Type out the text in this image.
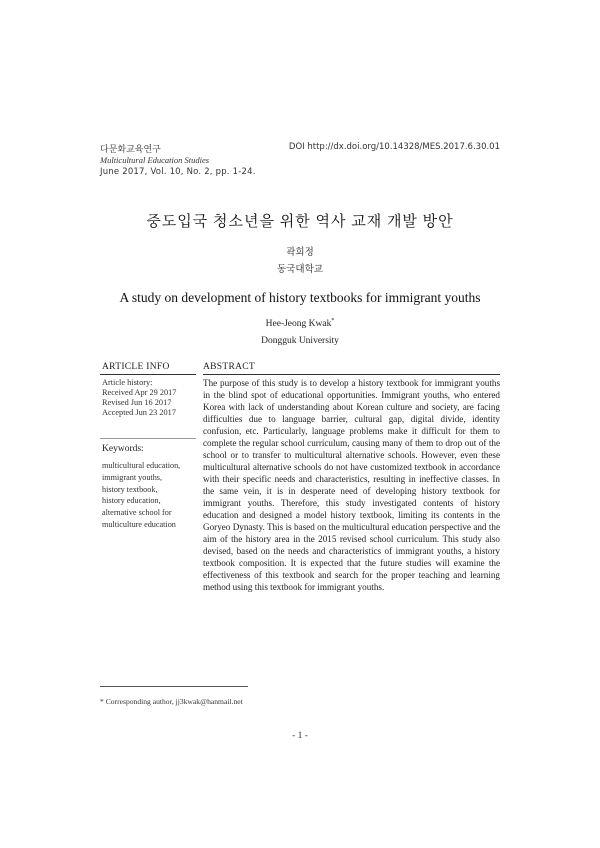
다문화교육연구
Multicultural Education Studies
June 2017, Vol. 10, No. 2, pp. 1-24.
DOI http://dx.doi.org/10.14328/MES.2017.6.30.01
중도입국 청소년을 위한 역사 교재 개발 방안
곽희정
동국대학교
A study on development of history textbooks for immigrant youths
Hee-Jeong Kwak*
Dongguk University
ARTICLE INFO	ABSTRACT
Article history:
Received Apr 29 2017
Revised Jun 16 2017
Accepted Jun 23 2017
Keywords:
multicultural education,
immigrant youths,
history textbook,
history education,
alternative school for
multiculture education
The purpose of this study is to develop a history textbook for immigrant youths in the blind spot of educational opportunities. Immigrant youths, who entered Korea with lack of understanding about Korean culture and society, are facing difficulties due to language barrier, cultural gap, digital divide, identity confusion, etc. Particularly, language problems make it difficult for them to complete the regular school curriculum, causing many of them to drop out of the school or to transfer to multicultural alternative schools. However, even these multicultural alternative schools do not have customized textbook in accordance with their specific needs and characteristics, resulting in ineffective classes. In the same vein, it is in desperate need of developing history textbook for immigrant youths. Therefore, this study investigated contents of history education and designed a model history textbook, limiting its contents in the Goryeo Dynasty. This is based on the multicultural education perspective and the aim of the history area in the 2015 revised school curriculum. This study also devised, based on the needs and characteristics of immigrant youths, a history textbook composition. It is expected that the future studies will examine the effectiveness of this textbook and search for the proper teaching and learning method using this textbook for immigrant youths.
* Corresponding author, jj3kwak@hanmail.net
- 1 -
